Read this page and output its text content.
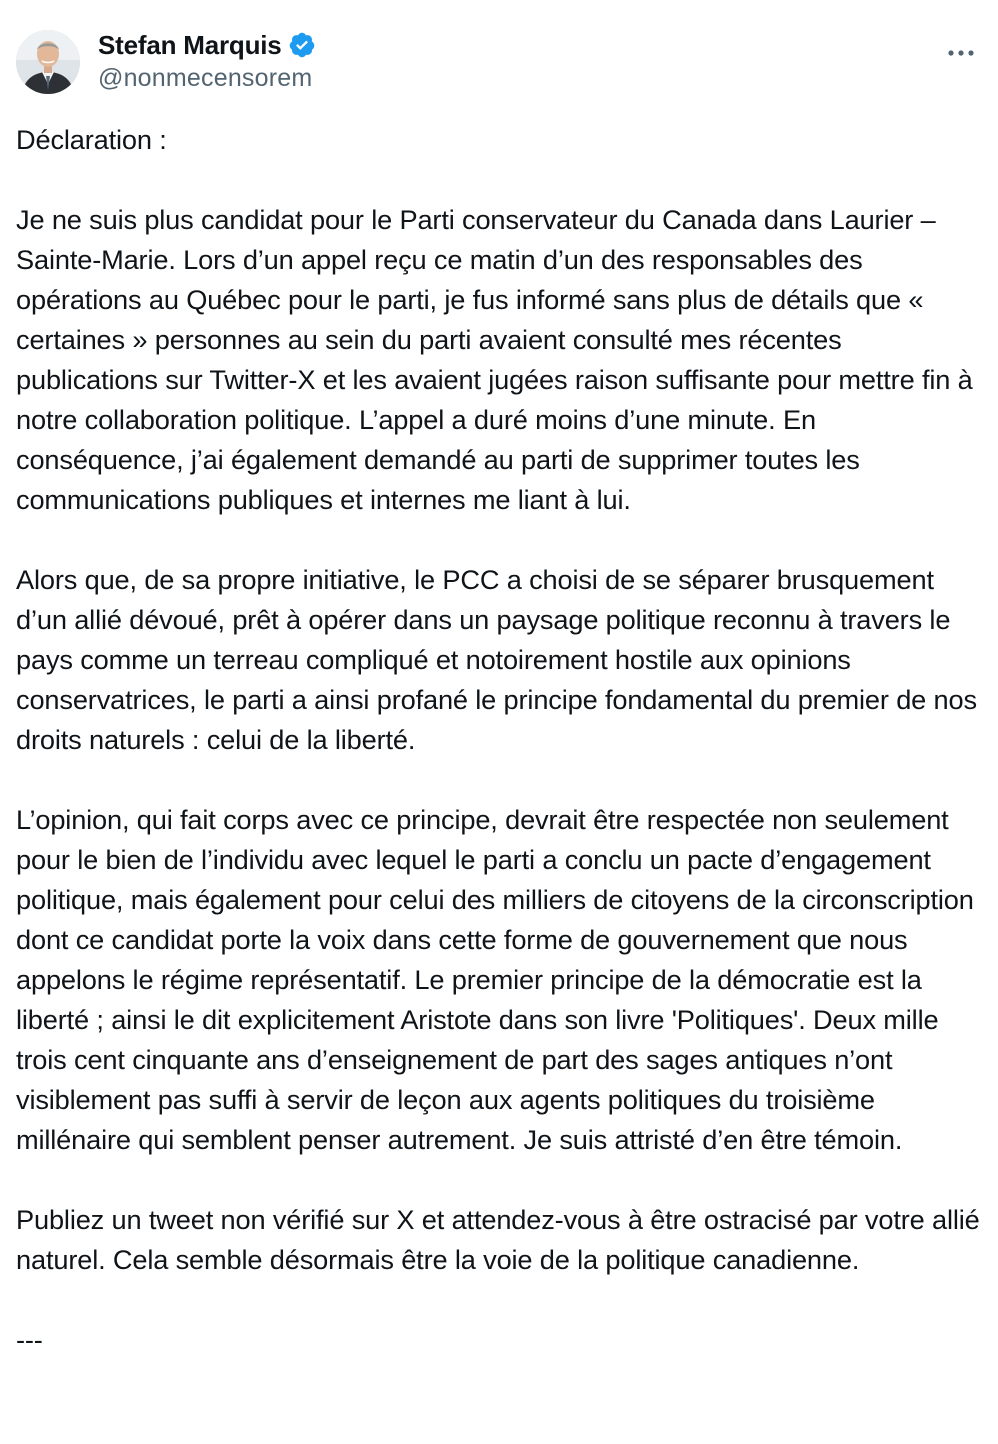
Stefan Marquis
@nonmecensorem

Déclaration :

Je ne suis plus candidat pour le Parti conservateur du Canada dans Laurier – Sainte-Marie. Lors d’un appel reçu ce matin d’un des responsables des opérations au Québec pour le parti, je fus informé sans plus de détails que « certaines » personnes au sein du parti avaient consulté mes récentes publications sur Twitter-X et les avaient jugées raison suffisante pour mettre fin à notre collaboration politique. L’appel a duré moins d’une minute. En conséquence, j’ai également demandé au parti de supprimer toutes les communications publiques et internes me liant à lui.

Alors que, de sa propre initiative, le PCC a choisi de se séparer brusquement d’un allié dévoué, prêt à opérer dans un paysage politique reconnu à travers le pays comme un terreau compliqué et notoirement hostile aux opinions conservatrices, le parti a ainsi profané le principe fondamental du premier de nos droits naturels : celui de la liberté.

L’opinion, qui fait corps avec ce principe, devrait être respectée non seulement pour le bien de l’individu avec lequel le parti a conclu un pacte d’engagement politique, mais également pour celui des milliers de citoyens de la circonscription dont ce candidat porte la voix dans cette forme de gouvernement que nous appelons le régime représentatif. Le premier principe de la démocratie est la liberté ; ainsi le dit explicitement Aristote dans son livre 'Politiques'. Deux mille trois cent cinquante ans d’enseignement de part des sages antiques n’ont visiblement pas suffi à servir de leçon aux agents politiques du troisième millénaire qui semblent penser autrement. Je suis attristé d’en être témoin.

Publiez un tweet non vérifié sur X et attendez-vous à être ostracisé par votre allié naturel. Cela semble désormais être la voie de la politique canadienne.

---
